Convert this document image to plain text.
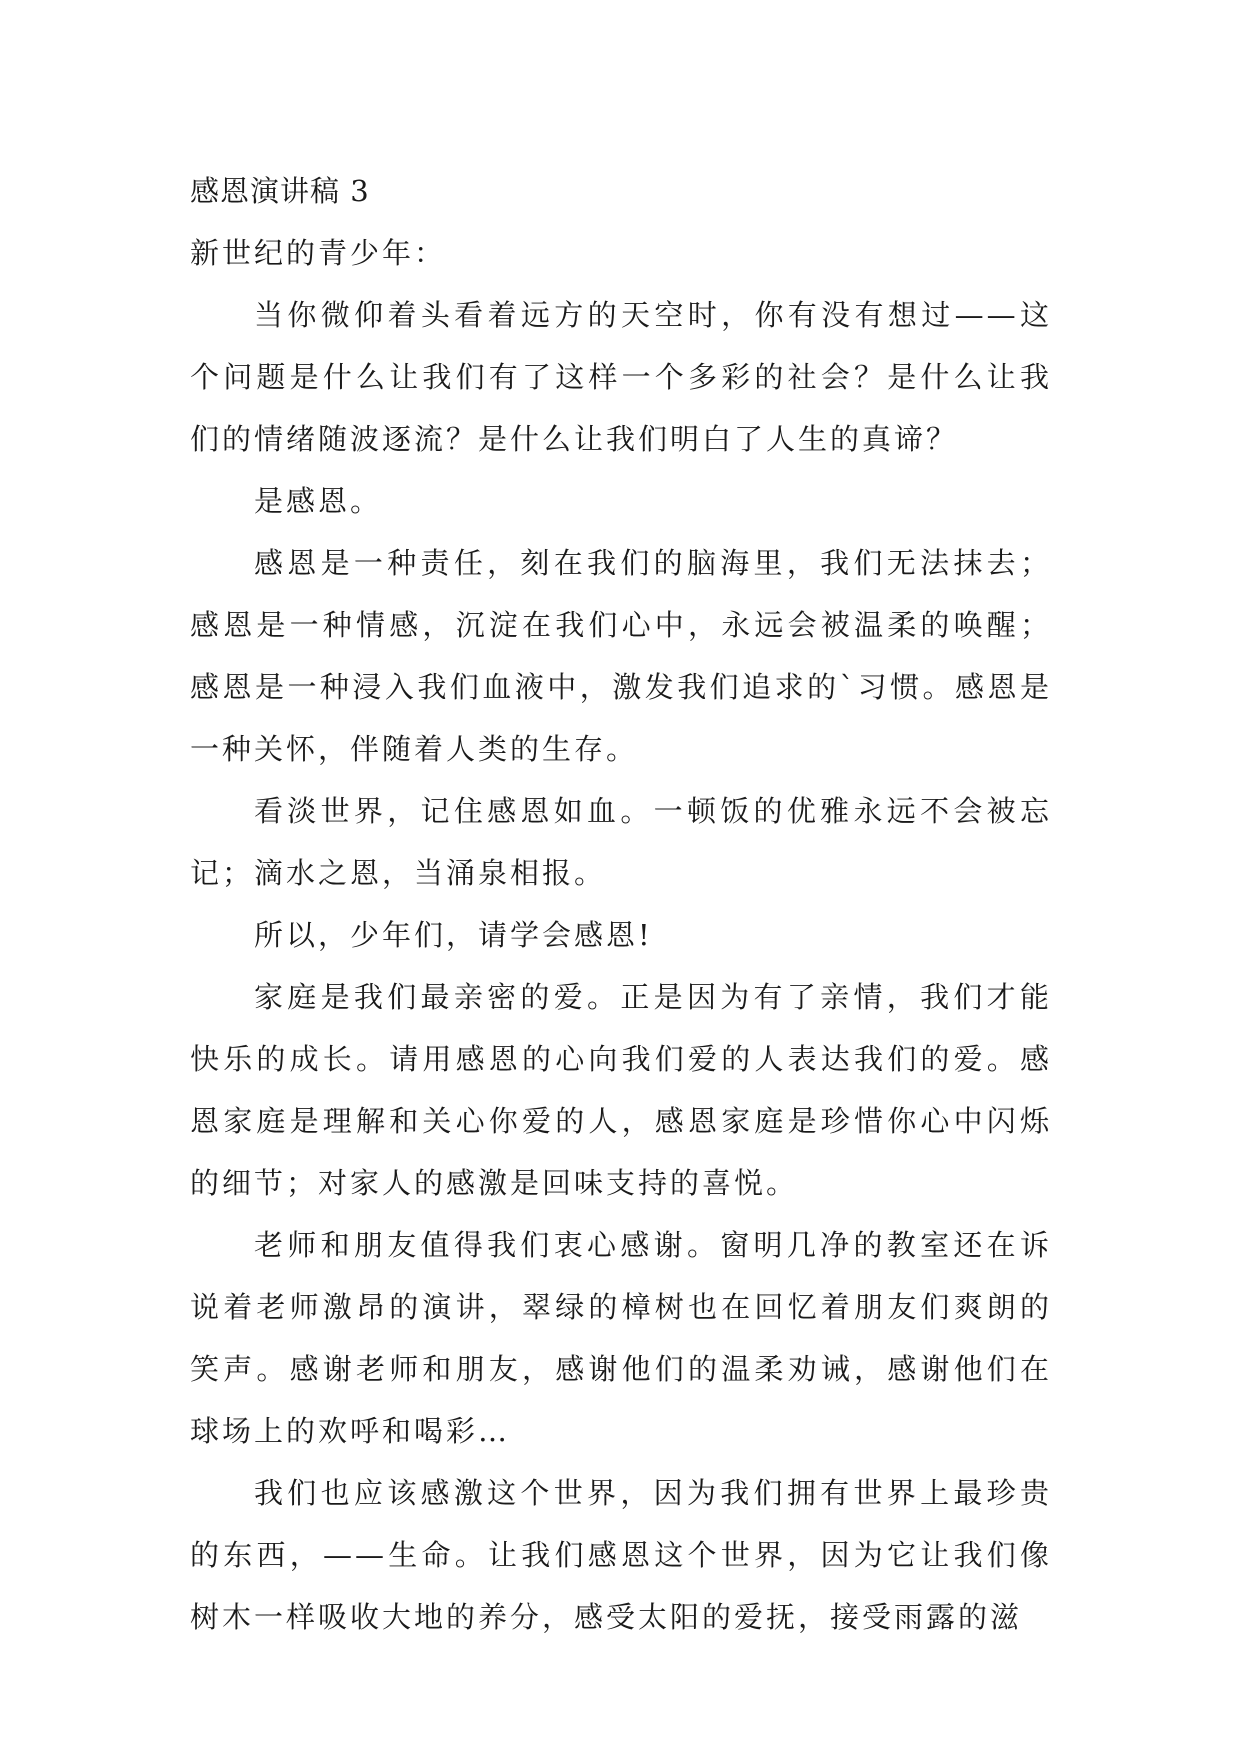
感恩演讲稿 3

新世纪的青少年：

当你微仰着头看着远方的天空时，你有没有想过——这个问题是什么让我们有了这样一个多彩的社会？是什么让我们的情绪随波逐流？是什么让我们明白了人生的真谛？

是感恩。

感恩是一种责任，刻在我们的脑海里，我们无法抹去；感恩是一种情感，沉淀在我们心中，永远会被温柔的唤醒；感恩是一种浸入我们血液中，激发我们追求的`习惯。感恩是一种关怀，伴随着人类的生存。

看淡世界，记住感恩如血。一顿饭的优雅永远不会被忘记；滴水之恩，当涌泉相报。

所以，少年们，请学会感恩!

家庭是我们最亲密的爱。正是因为有了亲情，我们才能快乐的成长。请用感恩的心向我们爱的人表达我们的爱。感恩家庭是理解和关心你爱的人，感恩家庭是珍惜你心中闪烁的细节；对家人的感激是回味支持的喜悦。

老师和朋友值得我们衷心感谢。窗明几净的教室还在诉说着老师激昂的演讲，翠绿的樟树也在回忆着朋友们爽朗的笑声。感谢老师和朋友，感谢他们的温柔劝诫，感谢他们在球场上的欢呼和喝彩…

我们也应该感激这个世界，因为我们拥有世界上最珍贵的东西，——生命。让我们感恩这个世界，因为它让我们像树木一样吸收大地的养分，感受太阳的爱抚，接受雨露的滋
